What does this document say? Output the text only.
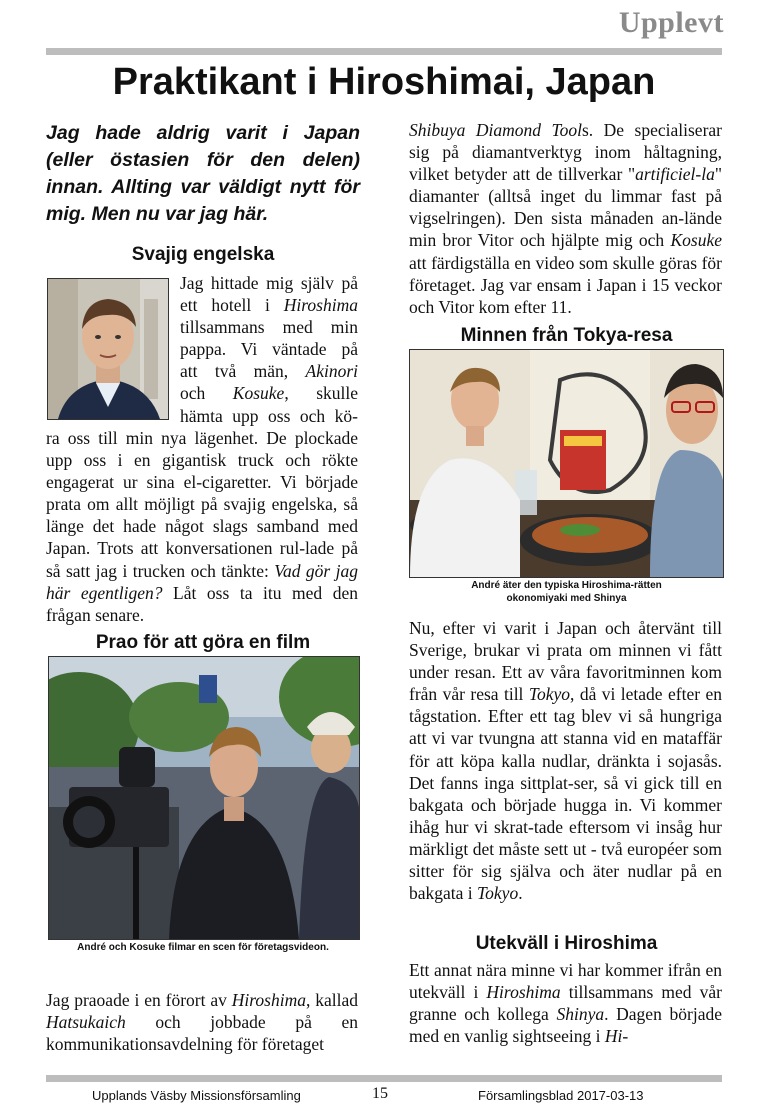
Upplevt
Praktikant i Hiroshimai, Japan
Jag hade aldrig varit i Japan (eller östasien för den delen) innan. Allting var väldigt nytt för mig. Men nu var jag här.
Svajig engelska
Jag hittade mig själv på
ett hotell i Hiroshima
tillsammans med min
pappa. Vi väntade på
att två män, Akinori
och Kosuke, skulle
hämta upp oss och kö-
ra oss till min nya lägenhet. De plockade upp oss i en gigantisk truck och rökte engagerat ur sina el-cigaretter. Vi började prata om allt möjligt på svajig engelska, så länge det hade något slags samband med Japan. Trots att konversationen rul-lade på så satt jag i trucken och tänkte: Vad gör jag här egentligen? Låt oss ta itu med den frågan senare.
Prao för att göra en film
André och Kosuke filmar en scen för företagsvideon.
Jag praoade i en förort av Hiroshima, kallad Hatsukaich och jobbade på en kommunikationsavdelning för företaget
Shibuya Diamond Tools. De specialiserar sig på diamantverktyg inom håltagning, vilket betyder att de tillverkar "artificiel-la" diamanter (alltså inget du limmar fast på vigselringen). Den sista månaden an-lände min bror Vitor och hjälpte mig och Kosuke att färdigställa en video som skulle göras för företaget. Jag var ensam i Japan i 15 veckor och Vitor kom efter 11.
Minnen från Tokya-resa
André äter den typiska Hiroshima-rätten
okonomiyaki med Shinya
Nu, efter vi varit i Japan och återvänt till Sverige, brukar vi prata om minnen vi fått under resan. Ett av våra favoritminnen kom från vår resa till Tokyo, då vi letade efter en tågstation. Efter ett tag blev vi så hungriga att vi var tvungna att stanna vid en mataffär för att köpa kalla nudlar, dränkta i sojasås. Det fanns inga sittplat-ser, så vi gick till en bakgata och började hugga in. Vi kommer ihåg hur vi skrat-tade eftersom vi insåg hur märkligt det måste sett ut - två européer som sitter för sig själva och äter nudlar på en bakgata i Tokyo.
Utekväll i Hiroshima
Ett annat nära minne vi har kommer ifrån en utekväll i Hiroshima tillsammans med vår granne och kollega Shinya. Dagen började med en vanlig sightseeing i Hi-
Upplands Väsby Missionsförsamling	15	Församlingsblad 2017-03-13
